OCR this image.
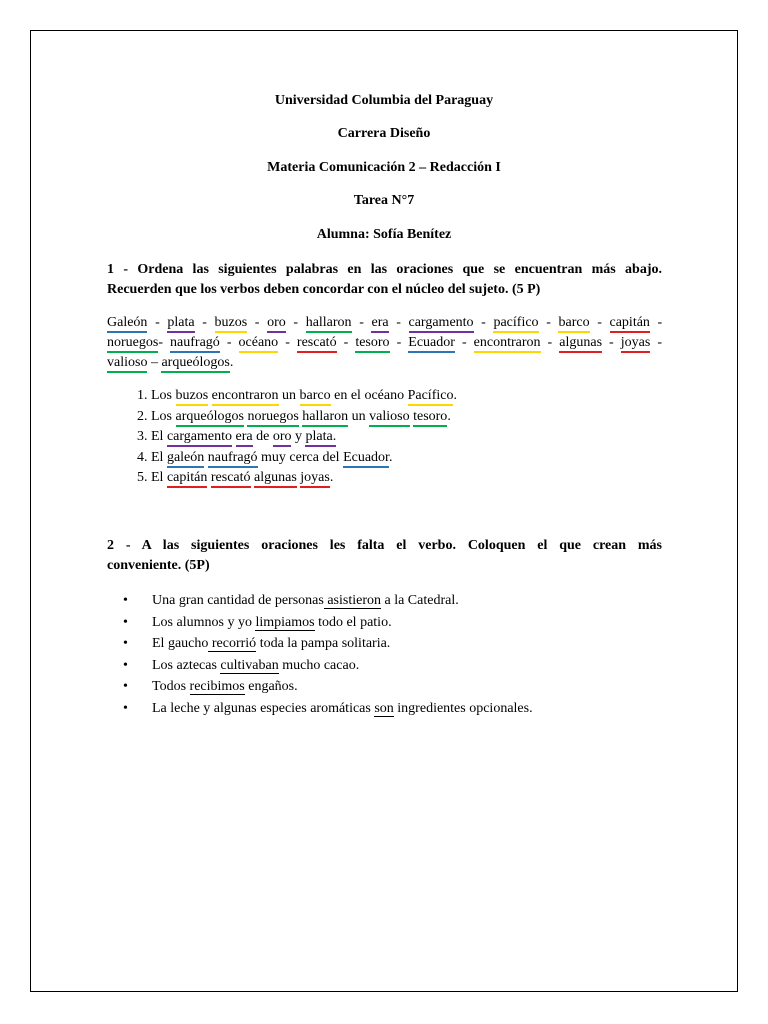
Universidad Columbia del Paraguay
Carrera Diseño
Materia Comunicación 2 – Redacción I
Tarea N°7
Alumna: Sofía Benítez
1 - Ordena las siguientes palabras en las oraciones que se encuentran más abajo.
Recuerden que los verbos deben concordar con el núcleo del sujeto. (5 P)
Galeón - plata - buzos - oro - hallaron - era - cargamento - pacífico - barco - capitán -
noruegos- naufragó - océano - rescató - tesoro - Ecuador - encontraron - algunas - joyas -
valioso – arqueólogos.
1. Los buzos encontraron un barco en el océano Pacífico.
2. Los arqueólogos noruegos hallaron un valioso tesoro.
3. El cargamento era de oro y plata.
4. El galeón naufragó muy cerca del Ecuador.
5. El capitán rescató algunas joyas.
2 - A las siguientes oraciones les falta el verbo. Coloquen el que crean más
conveniente. (5P)
• Una gran cantidad de personas asistieron a la Catedral.
• Los alumnos y yo limpiamos todo el patio.
• El gaucho recorrió toda la pampa solitaria.
• Los aztecas cultivaban mucho cacao.
• Todos recibimos engaños.
• La leche y algunas especies aromáticas son ingredientes opcionales.
